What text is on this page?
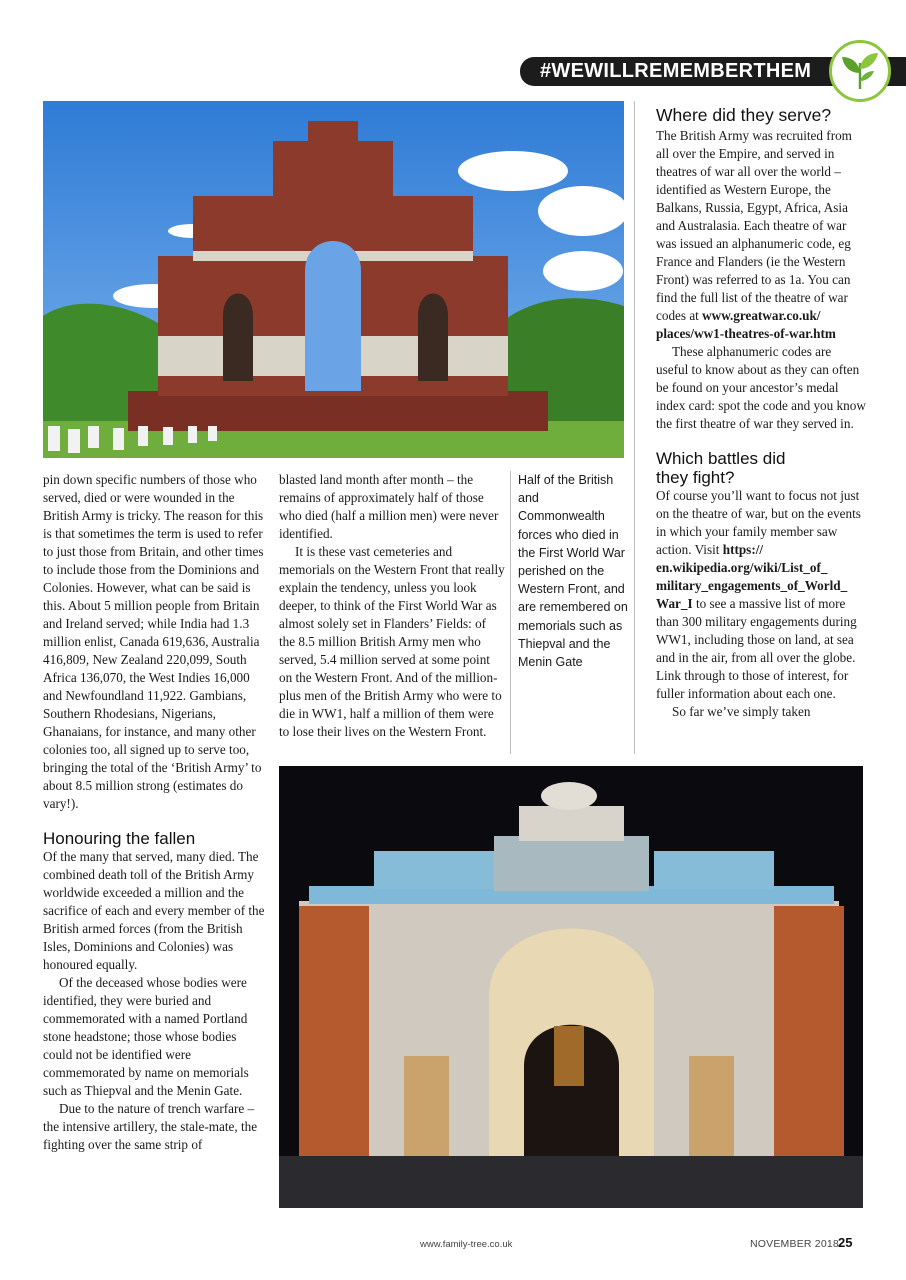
#WEWILLREMEMBERTHEM

pin down specific numbers of those who served, died or were wounded in the British Army is tricky. The reason for this is that sometimes the term is used to refer to just those from Britain, and other times to include those from the Dominions and Colonies. However, what can be said is this. About 5 million people from Britain and Ireland served; while India had 1.3 million enlist, Canada 619,636, Australia 416,809, New Zealand 220,099, South Africa 136,070, the West Indies 16,000 and Newfoundland 11,922. Gambians, Southern Rhodesians, Nigerians, Ghanaians, for instance, and many other colonies too, all signed up to serve too, bringing the total of the ‘British Army’ to about 8.5 million strong (estimates do vary!).

Honouring the fallen

Of the many that served, many died. The combined death toll of the British Army worldwide exceeded a million and the sacrifice of each and every member of the British armed forces (from the British Isles, Dominions and Colonies) was honoured equally.

Of the deceased whose bodies were identified, they were buried and commemorated with a named Portland stone headstone; those whose bodies could not be identified were commemorated by name on memorials such as Thiepval and the Menin Gate.

Due to the nature of trench warfare – the intensive artillery, the stale-mate, the fighting over the same strip of

blasted land month after month – the remains of approximately half of those who died (half a million men) were never identified.

It is these vast cemeteries and memorials on the Western Front that really explain the tendency, unless you look deeper, to think of the First World War as almost solely set in Flanders’ Fields: of the 8.5 million British Army men who served, 5.4 million served at some point on the Western Front. And of the million-plus men of the British Army who were to die in WW1, half a million of them were to lose their lives on the Western Front.

Half of the British and Commonwealth forces who died in the First World War perished on the Western Front, and are remembered on memorials such as Thiepval and the Menin Gate
Where did they serve?

The British Army was recruited from all over the Empire, and served in theatres of war all over the world – identified as Western Europe, the Balkans, Russia, Egypt, Africa, Asia and Australasia. Each theatre of war was issued an alphanumeric code, eg France and Flanders (ie the Western Front) was referred to as 1a. You can find the full list of the theatre of war codes at www.greatwar.co.uk/ places/ww1-theatres-of-war.htm

These alphanumeric codes are useful to know about as they can often be found on your ancestor’s medal index card: spot the code and you know the first theatre of war they served in.

Which battles did
they fight?

Of course you’ll want to focus not just on the theatre of war, but on the events in which your family member saw action. Visit https:// en.wikipedia.org/wiki/List_of_ military_engagements_of_World_ War_I to see a massive list of more than 300 military engagements during WW1, including those on land, at sea and in the air, from all over the globe. Link through to those of interest, for fuller information about each one.

So far we’ve simply taken

www.family-tree.co.uk	NOVEMBER 2018 25
